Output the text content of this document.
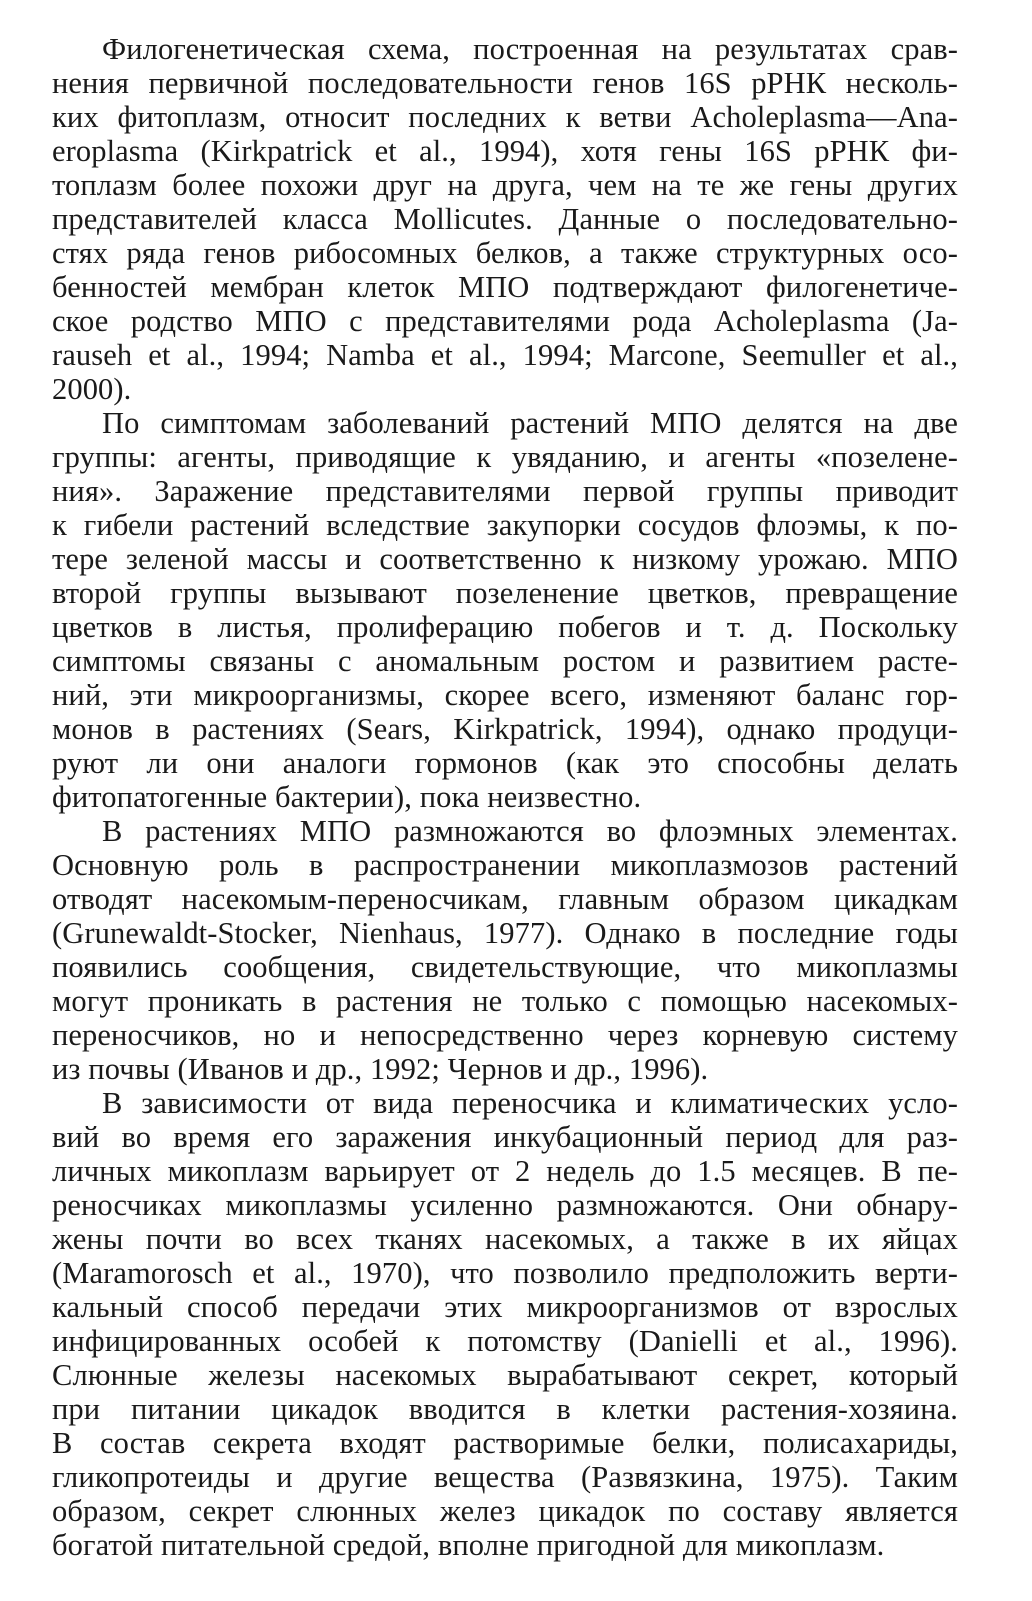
Филогенетическая схема, построенная на результатах срав-
нения первичной последовательности генов 16S рРНК несколь-
ких фитоплазм, относит последних к ветви Acholeplasma—Ana-
eroplasma (Kirkpatrick et al., 1994), хотя гены 16S рРНК фи-
топлазм более похожи друг на друга, чем на те же гены других
представителей класса Mollicutes. Данные о последовательно-
стях ряда генов рибосомных белков, а также структурных осо-
бенностей мембран клеток МПО подтверждают филогенетиче-
ское родство МПО с представителями рода Acholeplasma (Ja-
rauseh et al., 1994; Namba et al., 1994; Marcone, Seemuller et al.,
2000).
По симптомам заболеваний растений МПО делятся на две
группы: агенты, приводящие к увяданию, и агенты «позелене-
ния». Заражение представителями первой группы приводит
к гибели растений вследствие закупорки сосудов флоэмы, к по-
тере зеленой массы и соответственно к низкому урожаю. МПО
второй группы вызывают позеленение цветков, превращение
цветков в листья, пролиферацию побегов и т. д. Поскольку
симптомы связаны с аномальным ростом и развитием расте-
ний, эти микроорганизмы, скорее всего, изменяют баланс гор-
монов в растениях (Sears, Kirkpatrick, 1994), однако продуци-
руют ли они аналоги гормонов (как это способны делать
фитопатогенные бактерии), пока неизвестно.
В растениях МПО размножаются во флоэмных элементах.
Основную роль в распространении микоплазмозов растений
отводят насекомым-переносчикам, главным образом цикадкам
(Grunewaldt-Stocker, Nienhaus, 1977). Однако в последние годы
появились сообщения, свидетельствующие, что микоплазмы
могут проникать в растения не только с помощью насекомых-
переносчиков, но и непосредственно через корневую систему
из почвы (Иванов и др., 1992; Чернов и др., 1996).
В зависимости от вида переносчика и климатических усло-
вий во время его заражения инкубационный период для раз-
личных микоплазм варьирует от 2 недель до 1.5 месяцев. В пе-
реносчиках микоплазмы усиленно размножаются. Они обнару-
жены почти во всех тканях насекомых, а также в их яйцах
(Maramorosch et al., 1970), что позволило предположить верти-
кальный способ передачи этих микроорганизмов от взрослых
инфицированных особей к потомству (Danielli et al., 1996).
Слюнные железы насекомых вырабатывают секрет, который
при питании цикадок вводится в клетки растения-хозяина.
В состав секрета входят растворимые белки, полисахариды,
гликопротеиды и другие вещества (Развязкина, 1975). Таким
образом, секрет слюнных желез цикадок по составу является
богатой питательной средой, вполне пригодной для микоплазм.
